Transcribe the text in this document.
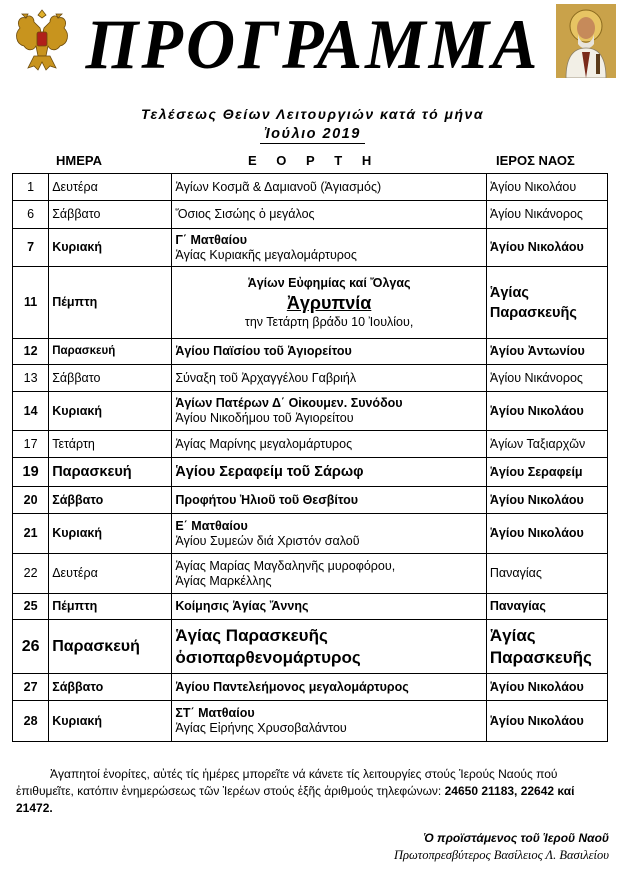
ΠΡΟΓΡΑΜΜΑ
Τελέσεως Θείων Λειτουργιών κατά τό μήνα
Ἰούλιο 2019
ΗΜΕΡΑ	Ε Ο Ρ Τ Η	ΙΕΡΟΣ ΝΑΟΣ
1	Δευτέρα	Ἁγίων Κοσμᾶ & Δαμιανοῦ (Ἁγιασμός)	Ἁγίου Νικολάου
6	Σάββατο	Ὅσιος Σισώης ὁ μεγάλος	Ἁγίου Νικάνορος
7	Κυριακή	Γ΄ Ματθαίου
Ἁγίας Κυριακῆς μεγαλομάρτυρος	Ἁγίου Νικολάου
11	Πέμπτη	Ἁγίων Εὐφημίας καί Ὄλγας
Ἀγρυπνία
την Τετάρτη βράδυ 10 Ἰουλίου,	Ἁγίας Παρασκευῆς
12	Παρασκευή	Ἁγίου Παϊσίου τοῦ Ἁγιορείτου	Ἁγίου Ἀντωνίου
13	Σάββατο	Σύναξη τοῦ Ἀρχαγγέλου Γαβριήλ	Ἁγίου Νικάνορος
14	Κυριακή	Ἁγίων Πατέρων Δ΄ Οἰκουμεν. Συνόδου
Ἁγίου Νικοδήμου τοῦ Ἁγιορείτου	Ἁγίου Νικολάου
17	Τετάρτη	Ἁγίας Μαρίνης μεγαλομάρτυρος	Ἁγίων Ταξιαρχῶν
19	Παρασκευή	Ἁγίου Σεραφείμ τοῦ Σάρωφ	Ἁγίου Σεραφείμ
20	Σάββατο	Προφήτου Ἠλιοῦ τοῦ Θεσβίτου	Ἁγίου Νικολάου
21	Κυριακή	Ε΄ Ματθαίου
Ἁγίου Συμεών διά Χριστόν σαλοῦ	Ἁγίου Νικολάου
22	Δευτέρα	Ἁγίας Μαρίας Μαγδαληνῆς μυροφόρου,
Ἁγίας Μαρκέλλης	Παναγίας
25	Πέμπτη	Κοίμησις Ἁγίας Ἄννης	Παναγίας
26	Παρασκευή	Ἁγίας Παρασκευῆς
ὁσιοπαρθενομάρτυρος	Ἁγίας Παρασκευῆς
27	Σάββατο	Ἁγίου Παντελεήμονος μεγαλομάρτυρος	Ἁγίου Νικολάου
28	Κυριακή	ΣΤ΄ Ματθαίου
Ἁγίας Εἰρήνης Χρυσοβαλάντου	Ἁγίου Νικολάου

Ἀγαπητοί ἐνορίτες, αὐτές τίς ἡμέρες μπορεῖτε νά κάνετε τίς λειτουργίες στούς Ἱερούς Ναούς πού ἐπιθυμεῖτε, κατόπιν ἐνημερώσεως τῶν Ἱερέων στούς ἑξῆς ἀριθμούς τηλεφώνων: 24650 21183, 22642 καί 21472.

Ὁ προϊστάμενος τοῦ Ἱεροῦ Ναοῦ
Πρωτοπρεσβύτερος Βασίλειος Λ. Βασιλείου
